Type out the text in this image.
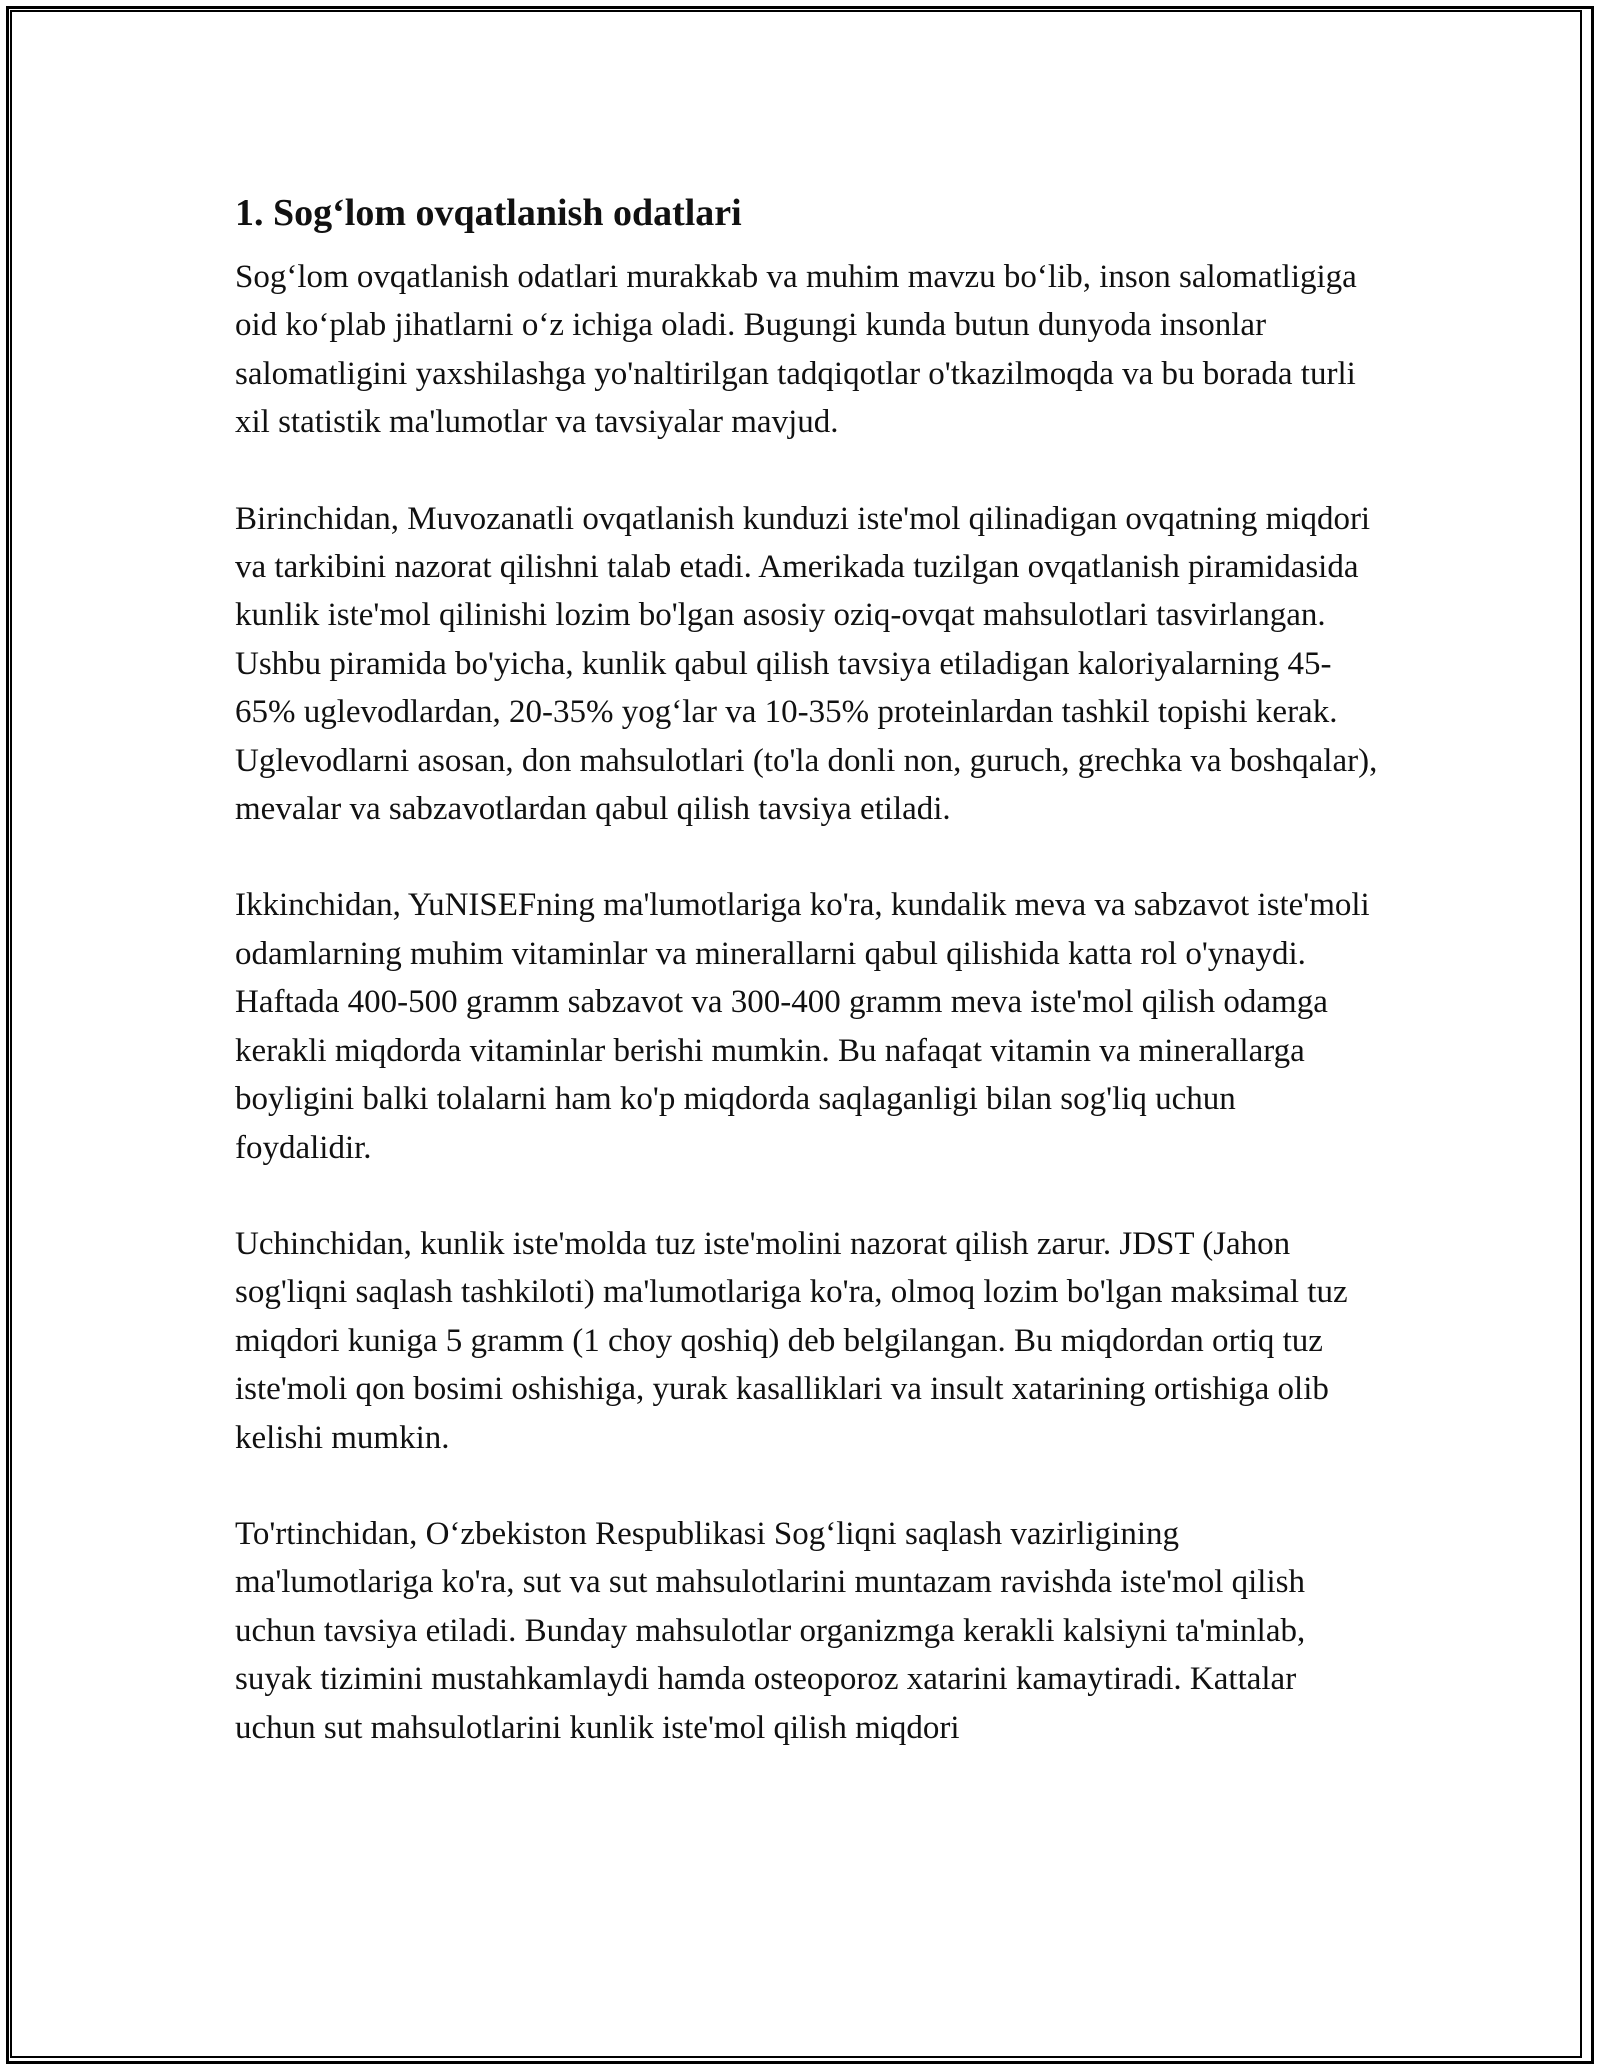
1. Sog‘lom ovqatlanish odatlari

Sog‘lom ovqatlanish odatlari murakkab va muhim mavzu bo‘lib, inson salomatligiga oid ko‘plab jihatlarni o‘z ichiga oladi. Bugungi kunda butun dunyoda insonlar salomatligini yaxshilashga yo'naltirilgan tadqiqotlar o'tkazilmoqda va bu borada turli xil statistik ma'lumotlar va tavsiyalar mavjud.

Birinchidan, Muvozanatli ovqatlanish kunduzi iste'mol qilinadigan ovqatning miqdori va tarkibini nazorat qilishni talab etadi. Amerikada tuzilgan ovqatlanish piramidasida kunlik iste'mol qilinishi lozim bo'lgan asosiy oziq-ovqat mahsulotlari tasvirlangan. Ushbu piramida bo'yicha, kunlik qabul qilish tavsiya etiladigan kaloriyalarning 45-65% uglevodlardan, 20-35% yog‘lar va 10-35% proteinlardan tashkil topishi kerak. Uglevodlarni asosan, don mahsulotlari (to'la donli non, guruch, grechka va boshqalar), mevalar va sabzavotlardan qabul qilish tavsiya etiladi.

Ikkinchidan, YuNISEFning ma'lumotlariga ko'ra, kundalik meva va sabzavot iste'moli odamlarning muhim vitaminlar va minerallarni qabul qilishida katta rol o'ynaydi. Haftada 400-500 gramm sabzavot va 300-400 gramm meva iste'mol qilish odamga kerakli miqdorda vitaminlar berishi mumkin. Bu nafaqat vitamin va minerallarga boyligini balki tolalarni ham ko'p miqdorda saqlaganligi bilan sog'liq uchun foydalidir.

Uchinchidan, kunlik iste'molda tuz iste'molini nazorat qilish zarur. JDST (Jahon sog'liqni saqlash tashkiloti) ma'lumotlariga ko'ra, olmoq lozim bo'lgan maksimal tuz miqdori kuniga 5 gramm (1 choy qoshiq) deb belgilangan. Bu miqdordan ortiq tuz iste'moli qon bosimi oshishiga, yurak kasalliklari va insult xatarining ortishiga olib kelishi mumkin.

To'rtinchidan, O‘zbekiston Respublikasi Sog‘liqni saqlash vazirligining ma'lumotlariga ko'ra, sut va sut mahsulotlarini muntazam ravishda iste'mol qilish uchun tavsiya etiladi. Bunday mahsulotlar organizmga kerakli kalsiyni ta'minlab, suyak tizimini mustahkamlaydi hamda osteoporoz xatarini kamaytiradi. Kattalar uchun sut mahsulotlarini kunlik iste'mol qilish miqdori
